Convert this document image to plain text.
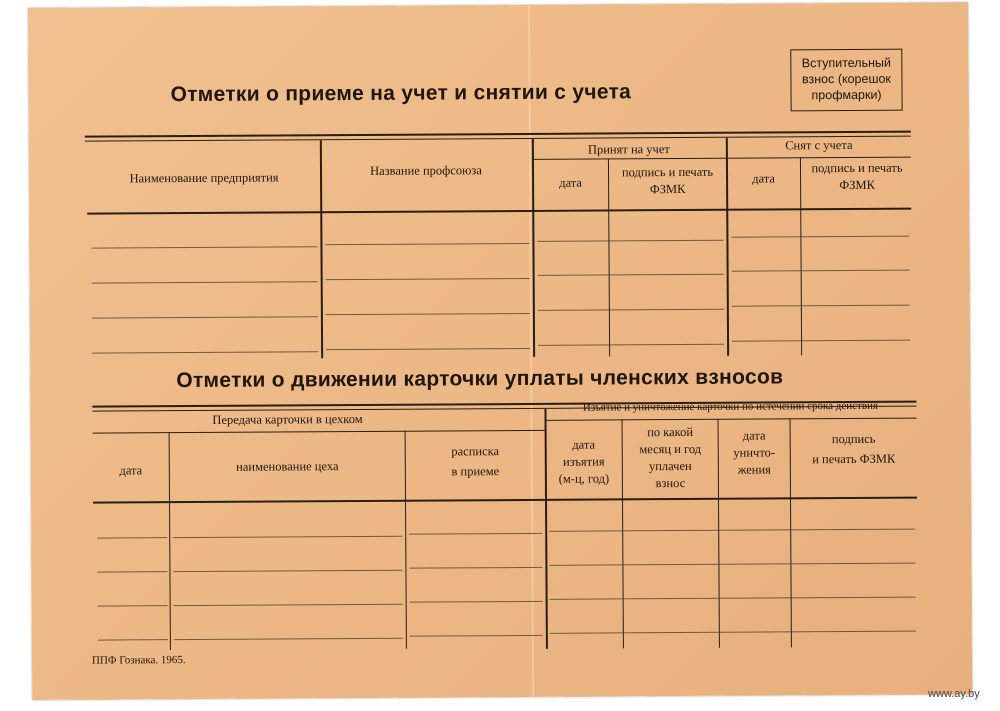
Отметки о приеме на учет и снятии с учета
Вступительный
взнос (корешок
профмарки)
Наименование предприятия	Название профсоюза
Принят на учет
дата
подпись и печать
ФЗМК
Снят с учета
дата
подпись и печать
ФЗМК
Отметки о движении карточки уплаты членских взносов
Передача карточки в цехком
Изъятие и уничтожение карточки по истечении срока действия
дата	наименование цеха
расписка
в приеме
дата
изъятия
(м-ц, год)
по какой
месяц и год
уплачен
взнос
дата
уничто-
жения
подпись
и печать ФЗМК
ППФ Гознака. 1965.
www.ay.by
